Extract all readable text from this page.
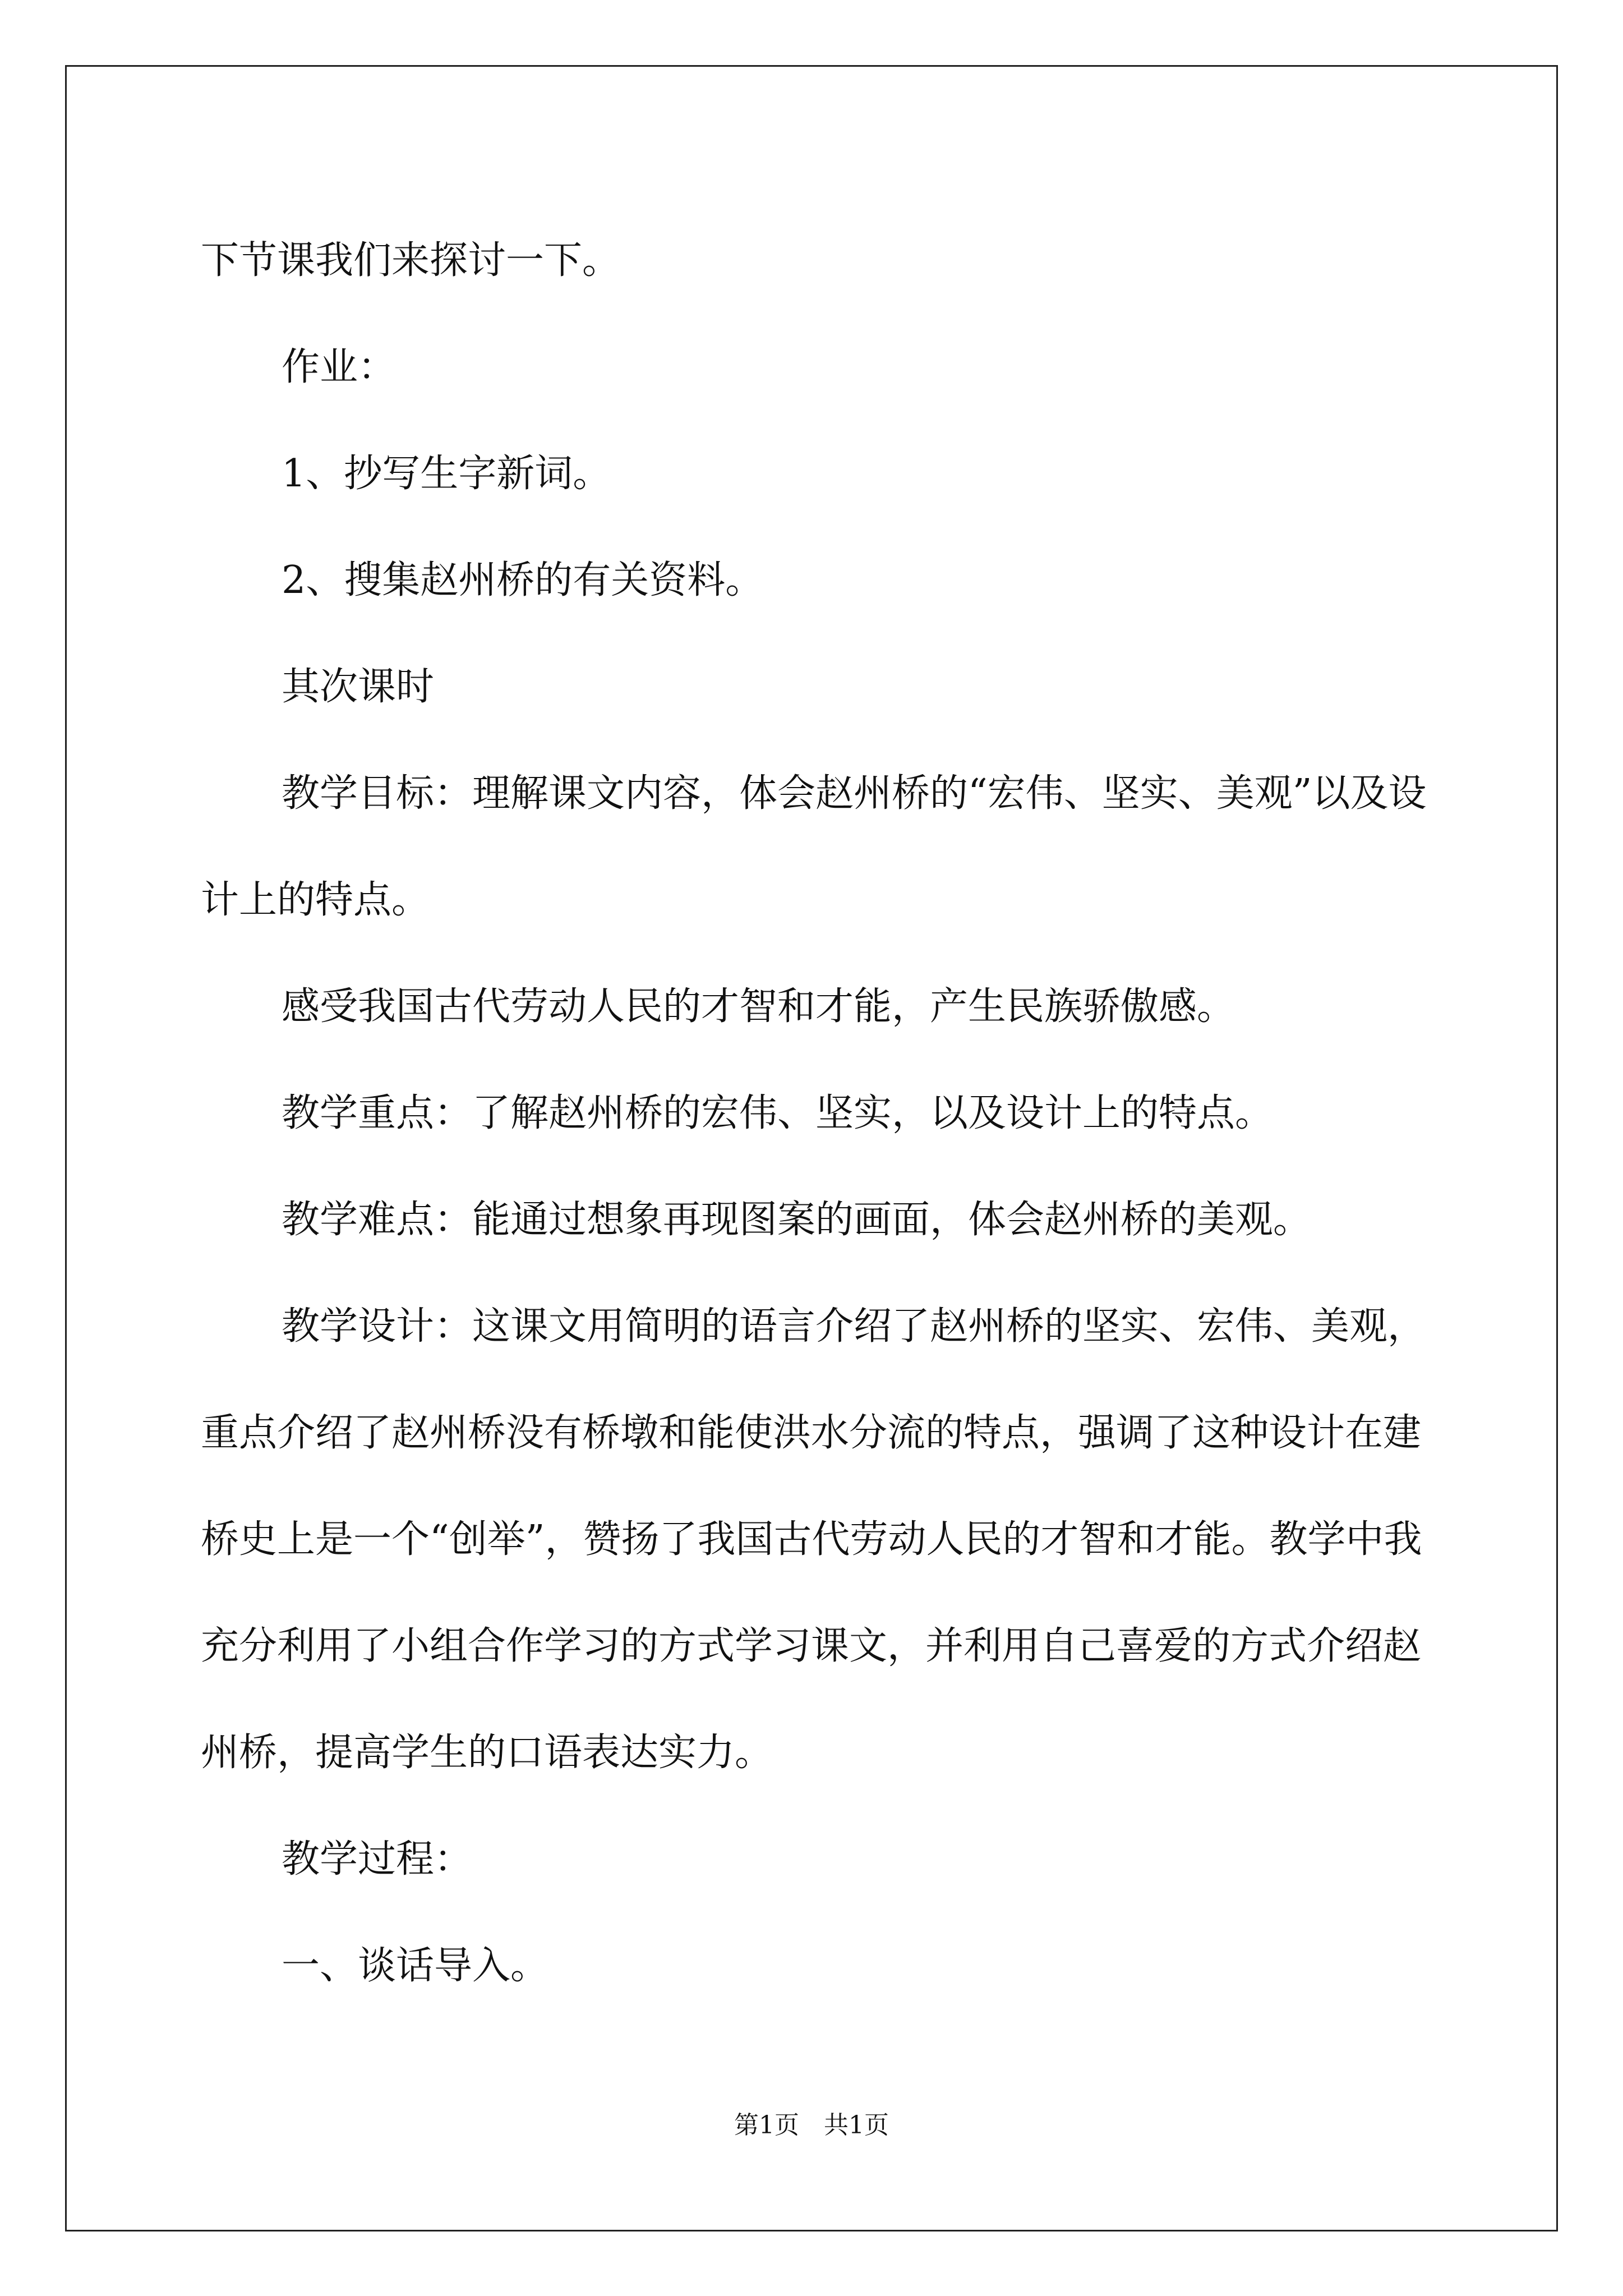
下节课我们来探讨一下。

作业：

1、抄写生字新词。

2、搜集赵州桥的有关资料。

其次课时

教学目标：理解课文内容，体会赵州桥的“宏伟、坚实、美观”以及设计上的特点。

感受我国古代劳动人民的才智和才能，产生民族骄傲感。

教学重点：了解赵州桥的宏伟、坚实，以及设计上的特点。

教学难点：能通过想象再现图案的画面，体会赵州桥的美观。

教学设计：这课文用简明的语言介绍了赵州桥的坚实、宏伟、美观，重点介绍了赵州桥没有桥墩和能使洪水分流的特点，强调了这种设计在建桥史上是一个“创举”，赞扬了我国古代劳动人民的才智和才能。教学中我充分利用了小组合作学习的方式学习课文，并利用自己喜爱的方式介绍赵州桥，提高学生的口语表达实力。

教学过程：

一、谈话导入。

第1页　共1页
